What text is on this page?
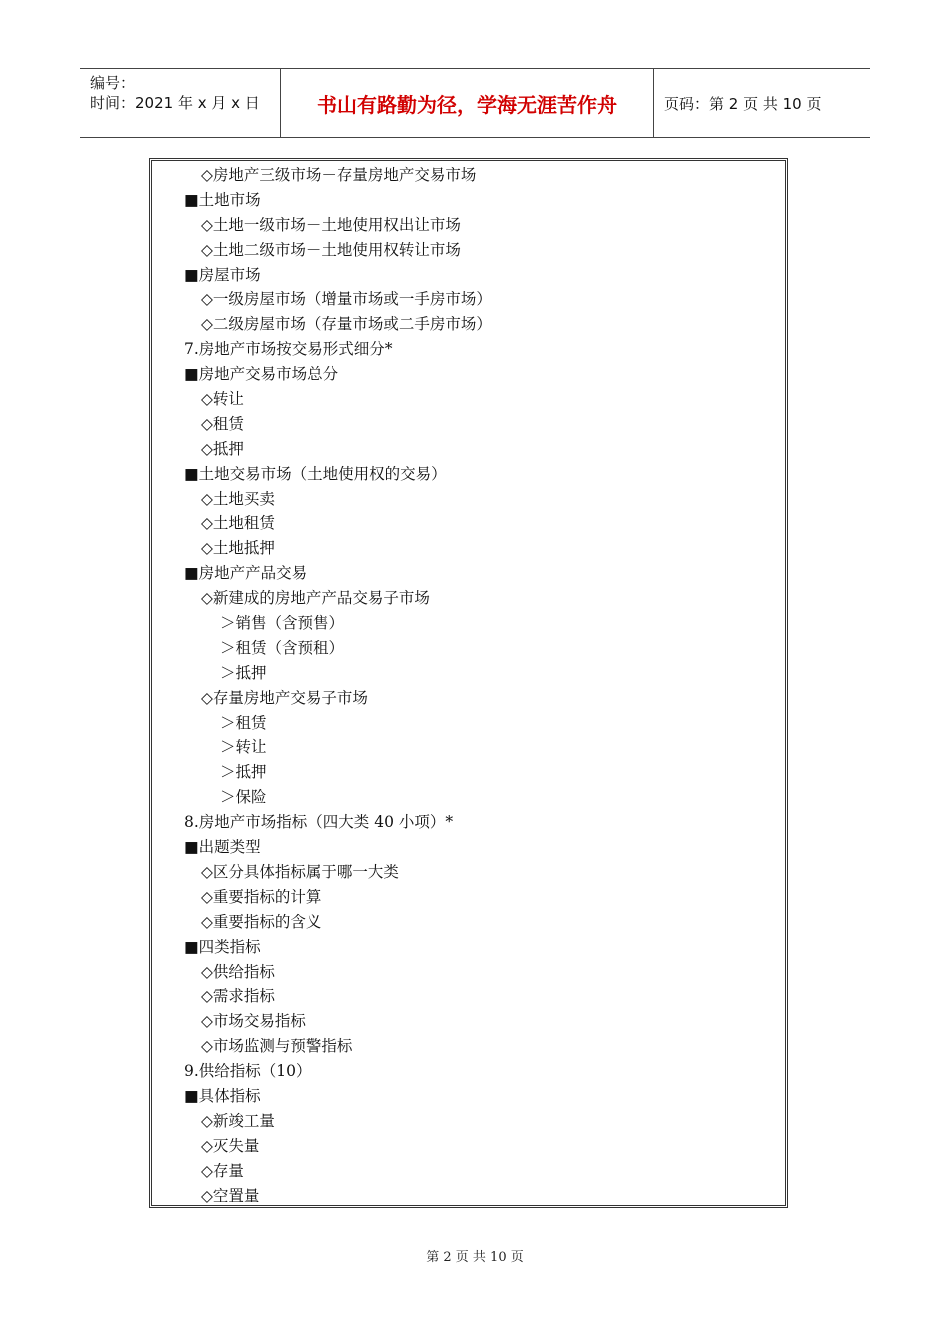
编号：
时间：2021 年 x 月 x 日	书山有路勤为径，学海无涯苦作舟	页码：第 2 页 共 10 页
◇房地产三级市场－存量房地产交易市场
■土地市场
◇土地一级市场－土地使用权出让市场
◇土地二级市场－土地使用权转让市场
■房屋市场
◇一级房屋市场（增量市场或一手房市场）
◇二级房屋市场（存量市场或二手房市场）
7.房地产市场按交易形式细分*
■房地产交易市场总分
◇转让
◇租赁
◇抵押
■土地交易市场（土地使用权的交易）
◇土地买卖
◇土地租赁
◇土地抵押
■房地产产品交易
◇新建成的房地产产品交易子市场
＞销售（含预售）
＞租赁（含预租）
＞抵押
◇存量房地产交易子市场
＞租赁
＞转让
＞抵押
＞保险
8.房地产市场指标（四大类 40 小项）*
■出题类型
◇区分具体指标属于哪一大类
◇重要指标的计算
◇重要指标的含义
■四类指标
◇供给指标
◇需求指标
◇市场交易指标
◇市场监测与预警指标
9.供给指标（10）
■具体指标
◇新竣工量
◇灭失量
◇存量
◇空置量
第 2 页 共 10 页
